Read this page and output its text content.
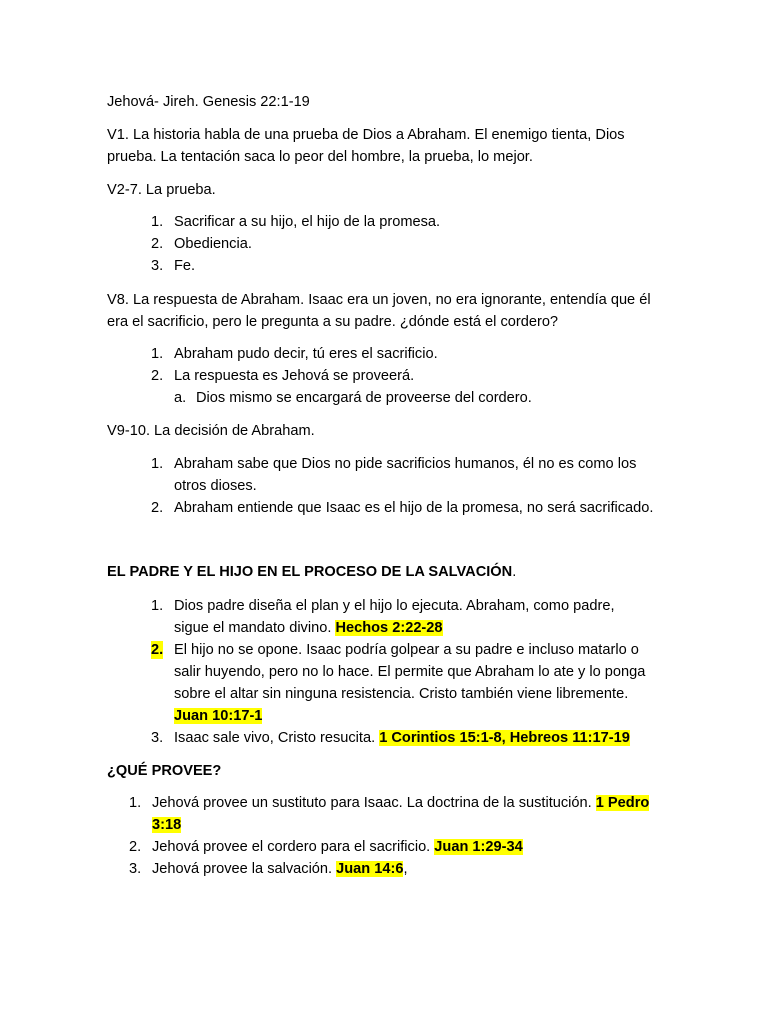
Jehová- Jireh. Genesis 22:1-19
V1. La historia habla de una prueba de Dios a Abraham. El enemigo tienta, Dios
prueba. La tentación saca lo peor del hombre, la prueba, lo mejor.
V2-7. La prueba.
1. Sacrificar a su hijo, el hijo de la promesa.
2. Obediencia.
3. Fe.
V8. La respuesta de Abraham. Isaac era un joven, no era ignorante, entendía que él
era el sacrificio, pero le pregunta a su padre. ¿dónde está el cordero?
1. Abraham pudo decir, tú eres el sacrificio.
2. La respuesta es Jehová se proveerá.
a. Dios mismo se encargará de proveerse del cordero.
V9-10. La decisión de Abraham.
1. Abraham sabe que Dios no pide sacrificios humanos, él no es como los
otros dioses.
2. Abraham entiende que Isaac es el hijo de la promesa, no será sacrificado.
EL PADRE Y EL HIJO EN EL PROCESO DE LA SALVACIÓN.
1. Dios padre diseña el plan y el hijo lo ejecuta. Abraham, como padre,
sigue el mandato divino. Hechos 2:22-28
2. El hijo no se opone. Isaac podría golpear a su padre e incluso matarlo o
salir huyendo, pero no lo hace. El permite que Abraham lo ate y lo ponga
sobre el altar sin ninguna resistencia. Cristo también viene libremente.
Juan 10:17-1
3. Isaac sale vivo, Cristo resucita. 1 Corintios 15:1-8, Hebreos 11:17-19
¿QUÉ PROVEE?
1. Jehová provee un sustituto para Isaac. La doctrina de la sustitución. 1 Pedro
3:18
2. Jehová provee el cordero para el sacrificio. Juan 1:29-34
3. Jehová provee la salvación. Juan 14:6,
